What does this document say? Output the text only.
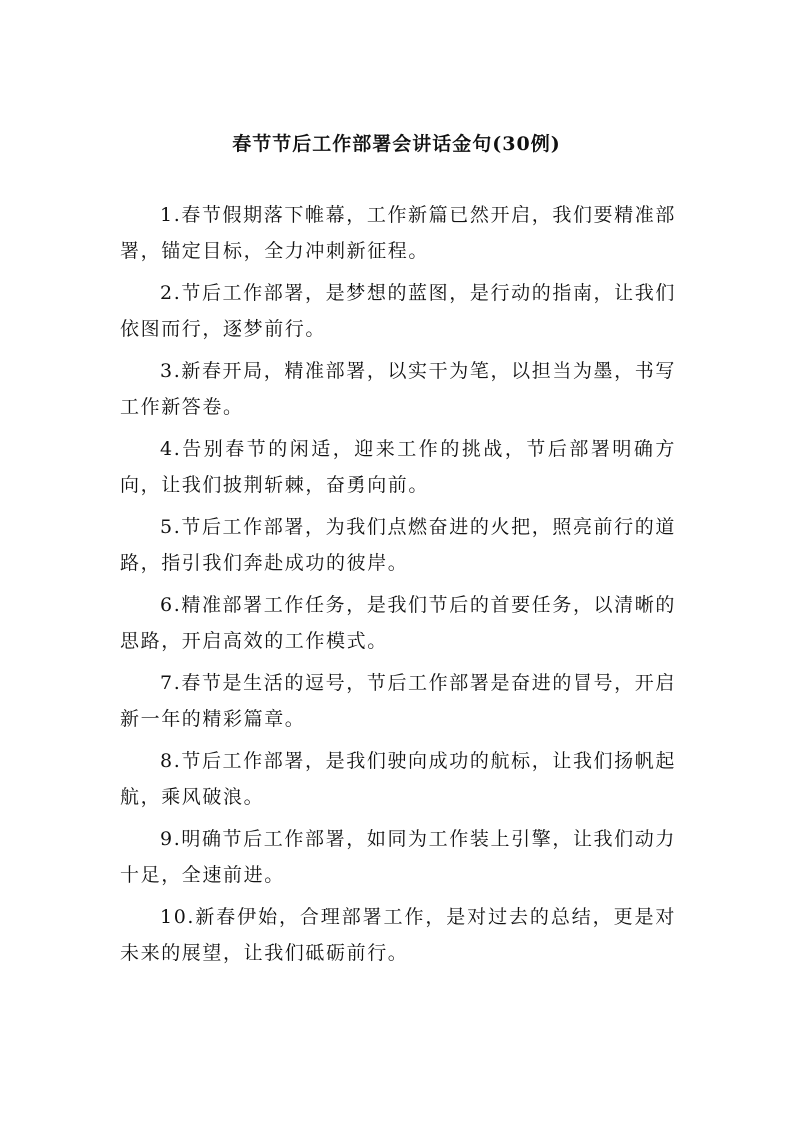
春节节后工作部署会讲话金句(30例)

1.春节假期落下帷幕，工作新篇已然开启，我们要精准部署，锚定目标，全力冲刺新征程。

2.节后工作部署，是梦想的蓝图，是行动的指南，让我们依图而行，逐梦前行。

3.新春开局，精准部署，以实干为笔，以担当为墨，书写工作新答卷。

4.告别春节的闲适，迎来工作的挑战，节后部署明确方向，让我们披荆斩棘，奋勇向前。

5.节后工作部署，为我们点燃奋进的火把，照亮前行的道路，指引我们奔赴成功的彼岸。

6.精准部署工作任务，是我们节后的首要任务，以清晰的思路，开启高效的工作模式。

7.春节是生活的逗号，节后工作部署是奋进的冒号，开启新一年的精彩篇章。

8.节后工作部署，是我们驶向成功的航标，让我们扬帆起航，乘风破浪。

9.明确节后工作部署，如同为工作装上引擎，让我们动力十足，全速前进。

10.新春伊始，合理部署工作，是对过去的总结，更是对未来的展望，让我们砥砺前行。
